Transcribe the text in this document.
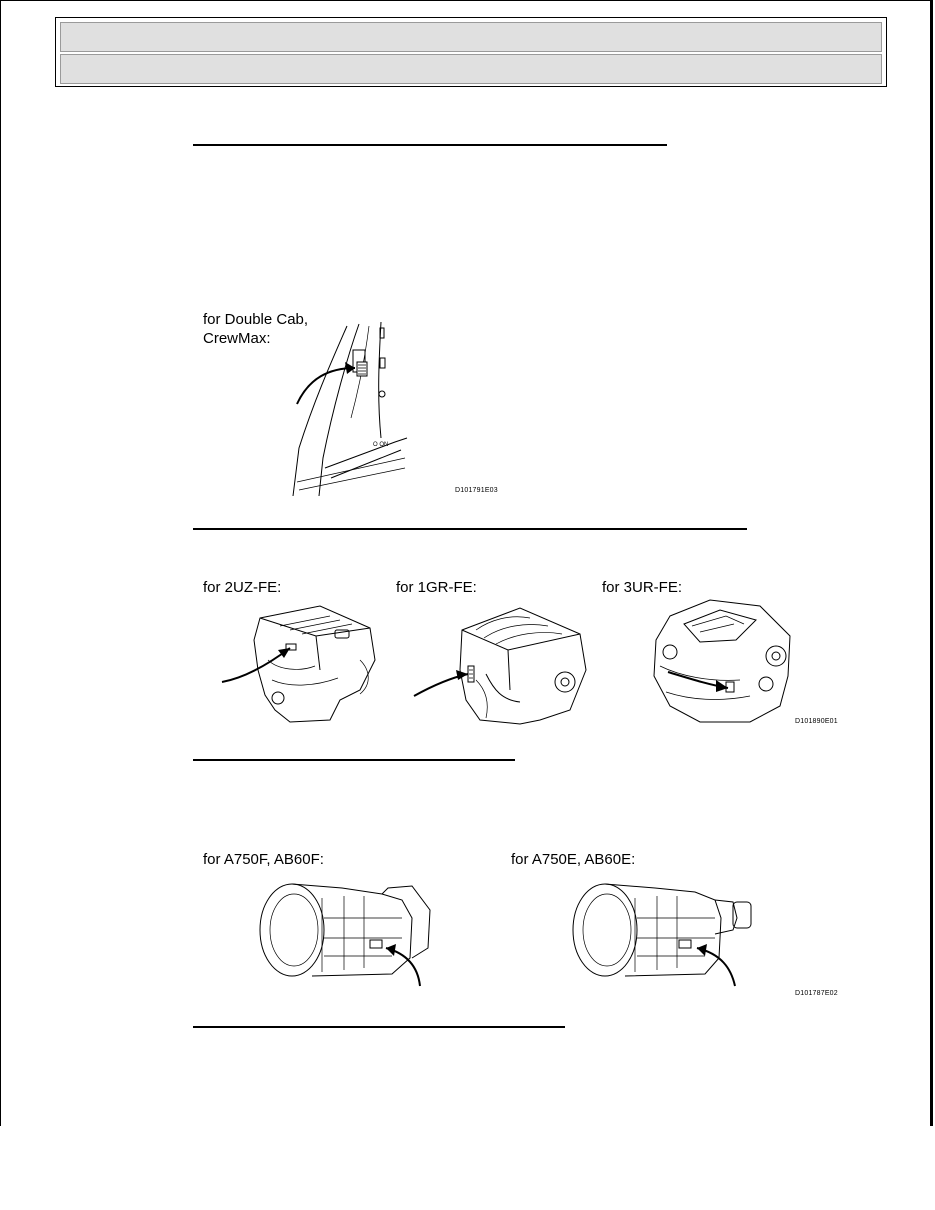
for Double Cab,
CrewMax:
O ON
D101791E03
for 2UZ-FE:	for 1GR-FE:	for 3UR-FE:
D101890E01
for A750F, AB60F:	for A750E, AB60E:
D101787E02
